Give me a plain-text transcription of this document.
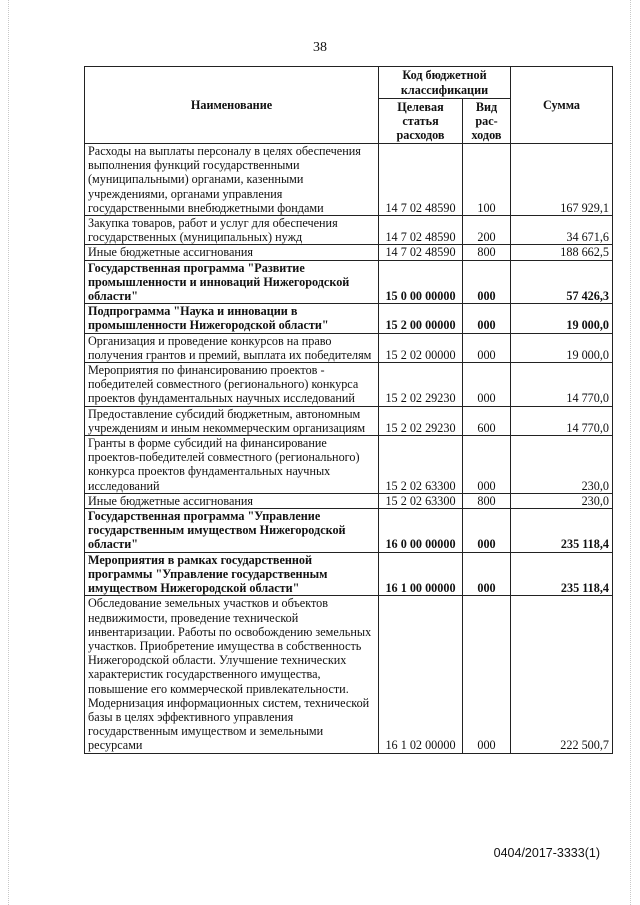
38
Наименование	Код бюджетной классификации		Сумма
	Целевая статья расходов	Вид рас-ходов	
Расходы на выплаты персоналу в целях обеспечения выполнения функций государственными (муниципальными) органами, казенными учреждениями, органами управления государственными внебюджетными фондами	14 7 02 48590	100	167 929,1
Закупка товаров, работ и услуг для обеспечения государственных (муниципальных) нужд	14 7 02 48590	200	34 671,6
Иные бюджетные ассигнования	14 7 02 48590	800	188 662,5
Государственная программа "Развитие промышленности и инноваций Нижегородской области"	15 0 00 00000	000	57 426,3
Подпрограмма "Наука и инновации в промышленности Нижегородской области"	15 2 00 00000	000	19 000,0
Организация и проведение конкурсов на право получения грантов и премий, выплата их победителям	15 2 02 00000	000	19 000,0
Мероприятия по финансированию проектов - победителей совместного (регионального) конкурса проектов фундаментальных научных исследований	15 2 02 29230	000	14 770,0
Предоставление субсидий бюджетным, автономным учреждениям и иным некоммерческим организациям	15 2 02 29230	600	14 770,0
Гранты в форме субсидий на финансирование проектов-победителей совместного (регионального) конкурса проектов фундаментальных научных исследований	15 2 02 63300	000	230,0
Иные бюджетные ассигнования	15 2 02 63300	800	230,0
Государственная программа "Управление государственным имуществом Нижегородской области"	16 0 00 00000	000	235 118,4
Мероприятия в рамках государственной программы "Управление государственным имуществом Нижегородской области"	16 1 00 00000	000	235 118,4
Обследование земельных участков и объектов недвижимости, проведение технической инвентаризации. Работы по освобождению земельных участков. Приобретение имущества в собственность Нижегородской области. Улучшение технических характеристик государственного имущества, повышение его коммерческой привлекательности. Модернизация информационных систем, технической базы в целях эффективного управления государственным имуществом и земельными ресурсами	16 1 02 00000	000	222 500,7
0404/2017-3333(1)
